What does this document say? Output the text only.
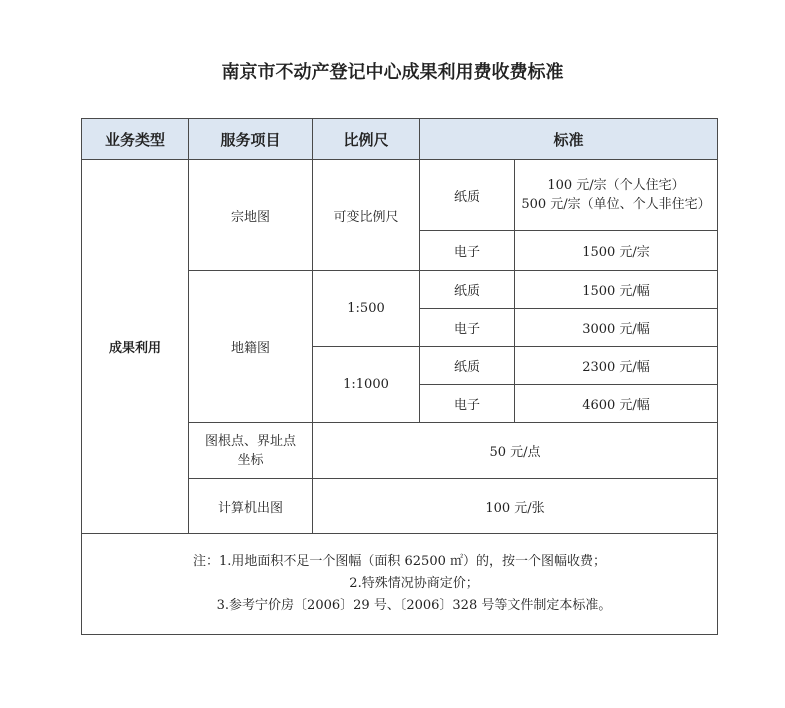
南京市不动产登记中心成果利用费收费标准
业务类型	服务项目	比例尺	标准	
成果利用	宗地图	可变比例尺	纸质	100 元/宗（个人住宅）
500 元/宗（单位、个人非住宅）

			电子	1500 元/宗
	地籍图	1:500	纸质	1500 元/幅
			电子	3000 元/幅
		1:1000	纸质	2300 元/幅
			电子	4600 元/幅
	图根点、界址点坐标	50 元/点		
	计算机出图	100 元/张		

注：1.用地面积不足一个图幅（面积 62500 ㎡）的，按一个图幅收费；
2.特殊情况协商定价；
3.参考宁价房〔2006〕29 号、〔2006〕328 号等文件制定本标准。				
